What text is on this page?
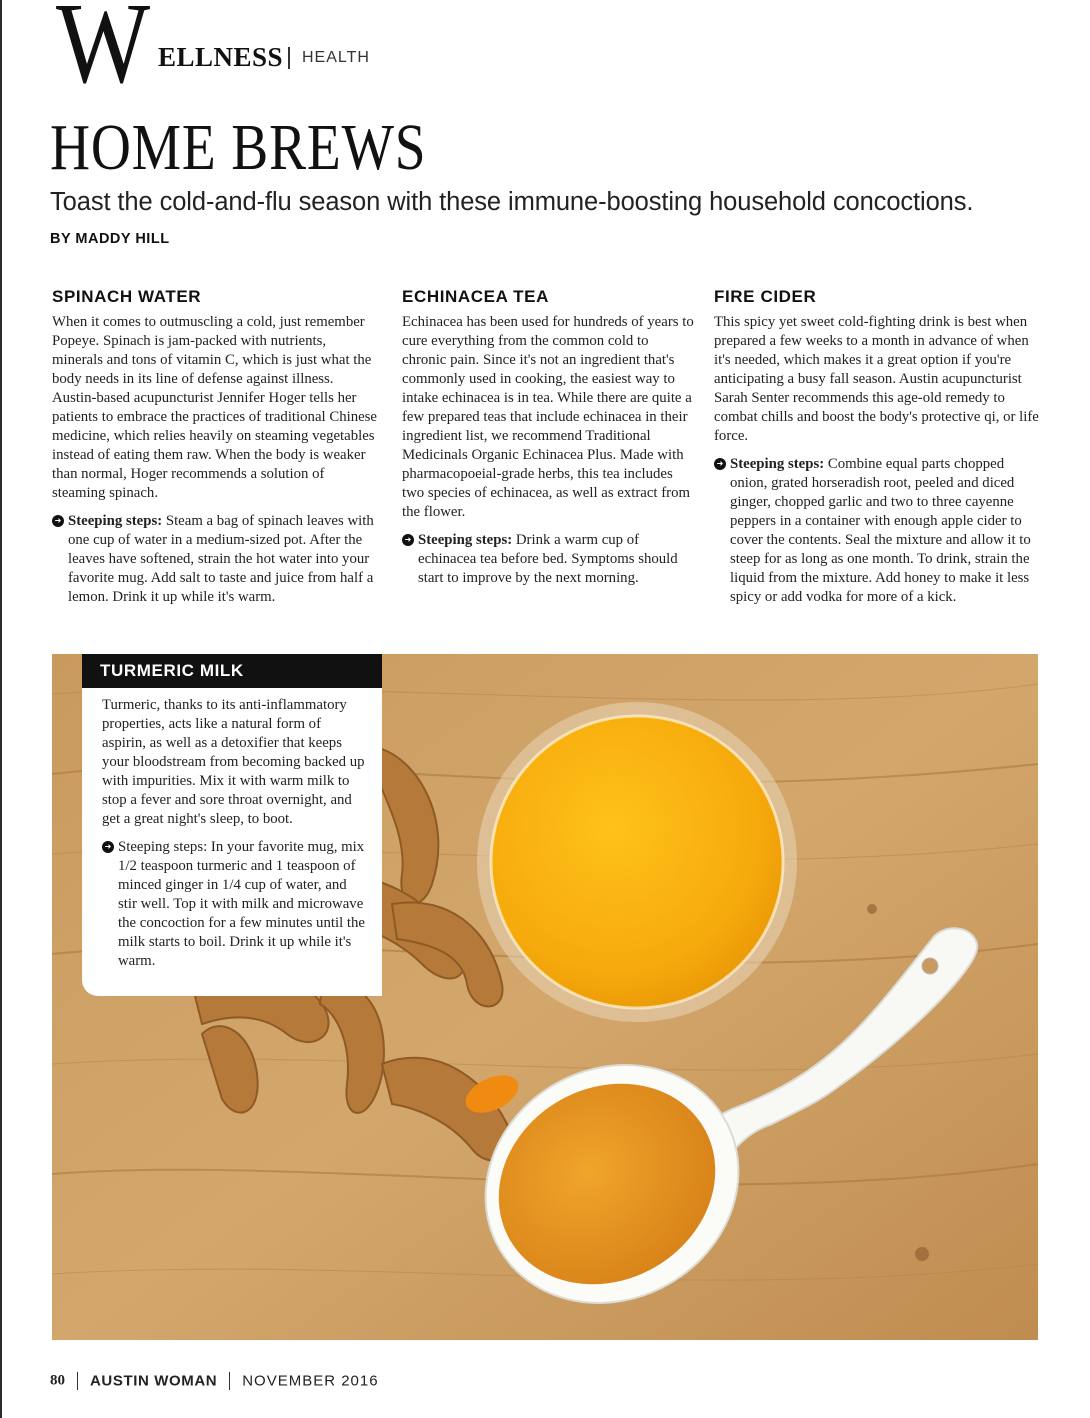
W ELLNESS HEALTH
HOME BREWS
Toast the cold-and-flu season with these immune-boosting household concoctions.
BY MADDY HILL
SPINACH WATER

When it comes to outmuscling a cold, just remember Popeye. Spinach is jam-packed with nutrients, minerals and tons of vitamin C, which is just what the body needs in its line of defense against illness. Austin-based acupuncturist Jennifer Hoger tells her patients to embrace the practices of traditional Chinese medicine, which relies heavily on steaming vegetables instead of eating them raw. When the body is weaker than normal, Hoger recommends a solution of steaming spinach.

➜ Steeping steps: Steam a bag of spinach leaves with one cup of water in a medium-sized pot. After the leaves have softened, strain the hot water into your favorite mug. Add salt to taste and juice from half a lemon. Drink it up while it's warm.

ECHINACEA TEA

Echinacea has been used for hundreds of years to cure everything from the common cold to chronic pain. Since it's not an ingredient that's commonly used in cooking, the easiest way to intake echinacea is in tea. While there are quite a few prepared teas that include echinacea in their ingredient list, we recommend Traditional Medicinals Organic Echinacea Plus. Made with pharmacopoeial-grade herbs, this tea includes two species of echinacea, as well as extract from the flower.

➜ Steeping steps: Drink a warm cup of echinacea tea before bed. Symptoms should start to improve by the next morning.

FIRE CIDER

This spicy yet sweet cold-fighting drink is best when prepared a few weeks to a month in advance of when it's needed, which makes it a great option if you're anticipating a busy fall season. Austin acupuncturist Sarah Senter recommends this age-old remedy to combat chills and boost the body's protective qi, or life force.

➜ Steeping steps: Combine equal parts chopped onion, grated horseradish root, peeled and diced ginger, chopped garlic and two to three cayenne peppers in a container with enough apple cider to cover the contents. Seal the mixture and allow it to steep for as long as one month. To drink, strain the liquid from the mixture. Add honey to make it less spicy or add vodka for more of a kick.

TURMERIC MILK

Turmeric, thanks to its anti-inflammatory properties, acts like a natural form of aspirin, as well as a detoxifier that keeps your bloodstream from becoming backed up with impurities. Mix it with warm milk to stop a fever and sore throat overnight, and get a great night's sleep, to boot.

➜ Steeping steps: In your favorite mug, mix 1/2 teaspoon turmeric and 1 teaspoon of minced ginger in 1/4 cup of water, and stir well. Top it with milk and microwave the concoction for a few minutes until the milk starts to boil. Drink it up while it's warm.

80 AUSTIN WOMAN NOVEMBER 2016
